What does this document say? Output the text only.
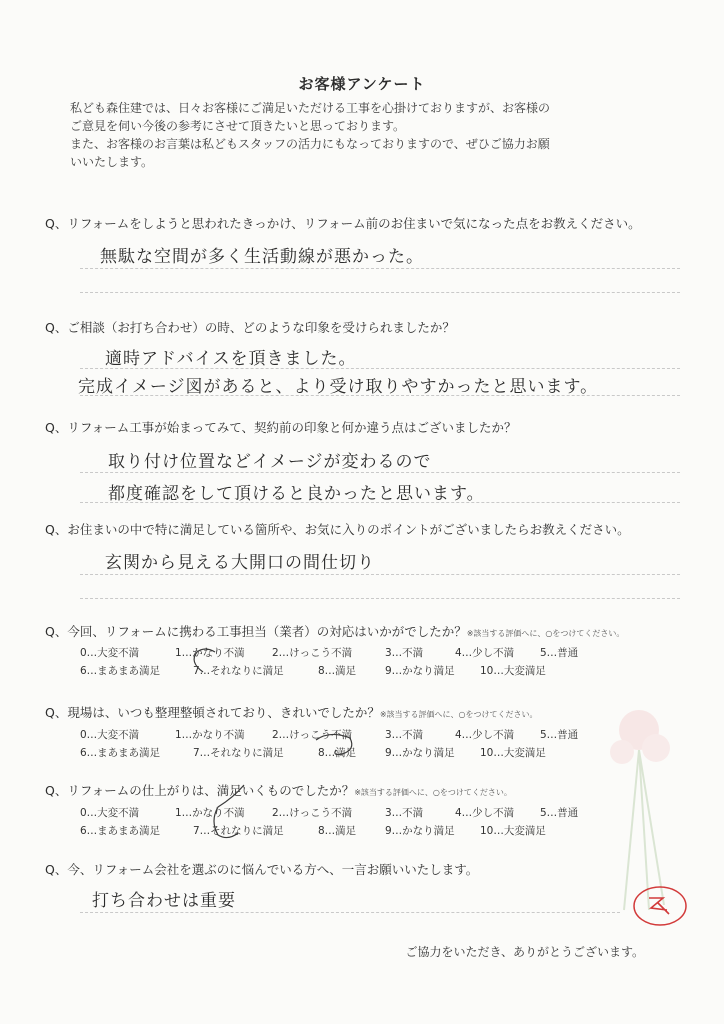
ﾠ
お客様アンケート
私ども森住建では、日々お客様にご満足いただける工事を心掛けておりますが、お客様の
ご意見を伺い今後の参考にさせて頂きたいと思っております。
また、お客様のお言葉は私どもスタッフの活力にもなっておりますので、ぜひご協力お願
いいたします。
Q、リフォームをしようと思われたきっかけ、リフォーム前のお住まいで気になった点をお教えください。
無駄な空間が多く生活動線が悪かった。
Q、ご相談（お打ち合わせ）の時、どのような印象を受けられましたか？
適時アドバイスを頂きました。
完成イメージ図があると、より受け取りやすかったと思います。
Q、リフォーム工事が始まってみて、契約前の印象と何か違う点はございましたか？
取り付け位置などイメージが変わるので
都度確認をして頂けると良かったと思います。
Q、お住まいの中で特に満足している箇所や、お気に入りのポイントがございましたらお教えください。
玄関から見える大開口の間仕切り
Q、今回、リフォームに携わる工事担当（業者）の対応はいかがでしたか？※該当する評価へに、○をつけてください。
0…大変不満	1…かなり不満	2…けっこう不満	3…不満	4…少し不満 5…普通
6…まあまあ満足	7…それなりに満足	8…満足	9…かなり満足 10…大変満足
Q、現場は、いつも整理整頓されており、きれいでしたか？※該当する評価へに、○をつけてください。
0…大変不満	1…かなり不満	2…けっこう不満	3…不満	4…少し不満 5…普通
6…まあまあ満足	7…それなりに満足	8…満足	9…かなり満足 10…大変満足
Q、リフォームの仕上がりは、満足いくものでしたか？※該当する評価へに、○をつけてください。
0…大変不満	1…かなり不満	2…けっこう不満	3…不満	4…少し不満 5…普通
6…まあまあ満足	7…それなりに満足	8…満足	9…かなり満足 10…大変満足
Q、今、リフォーム会社を選ぶのに悩んでいる方へ、一言お願いいたします。
打ち合わせは重要
ご協力をいただき、ありがとうございます。
